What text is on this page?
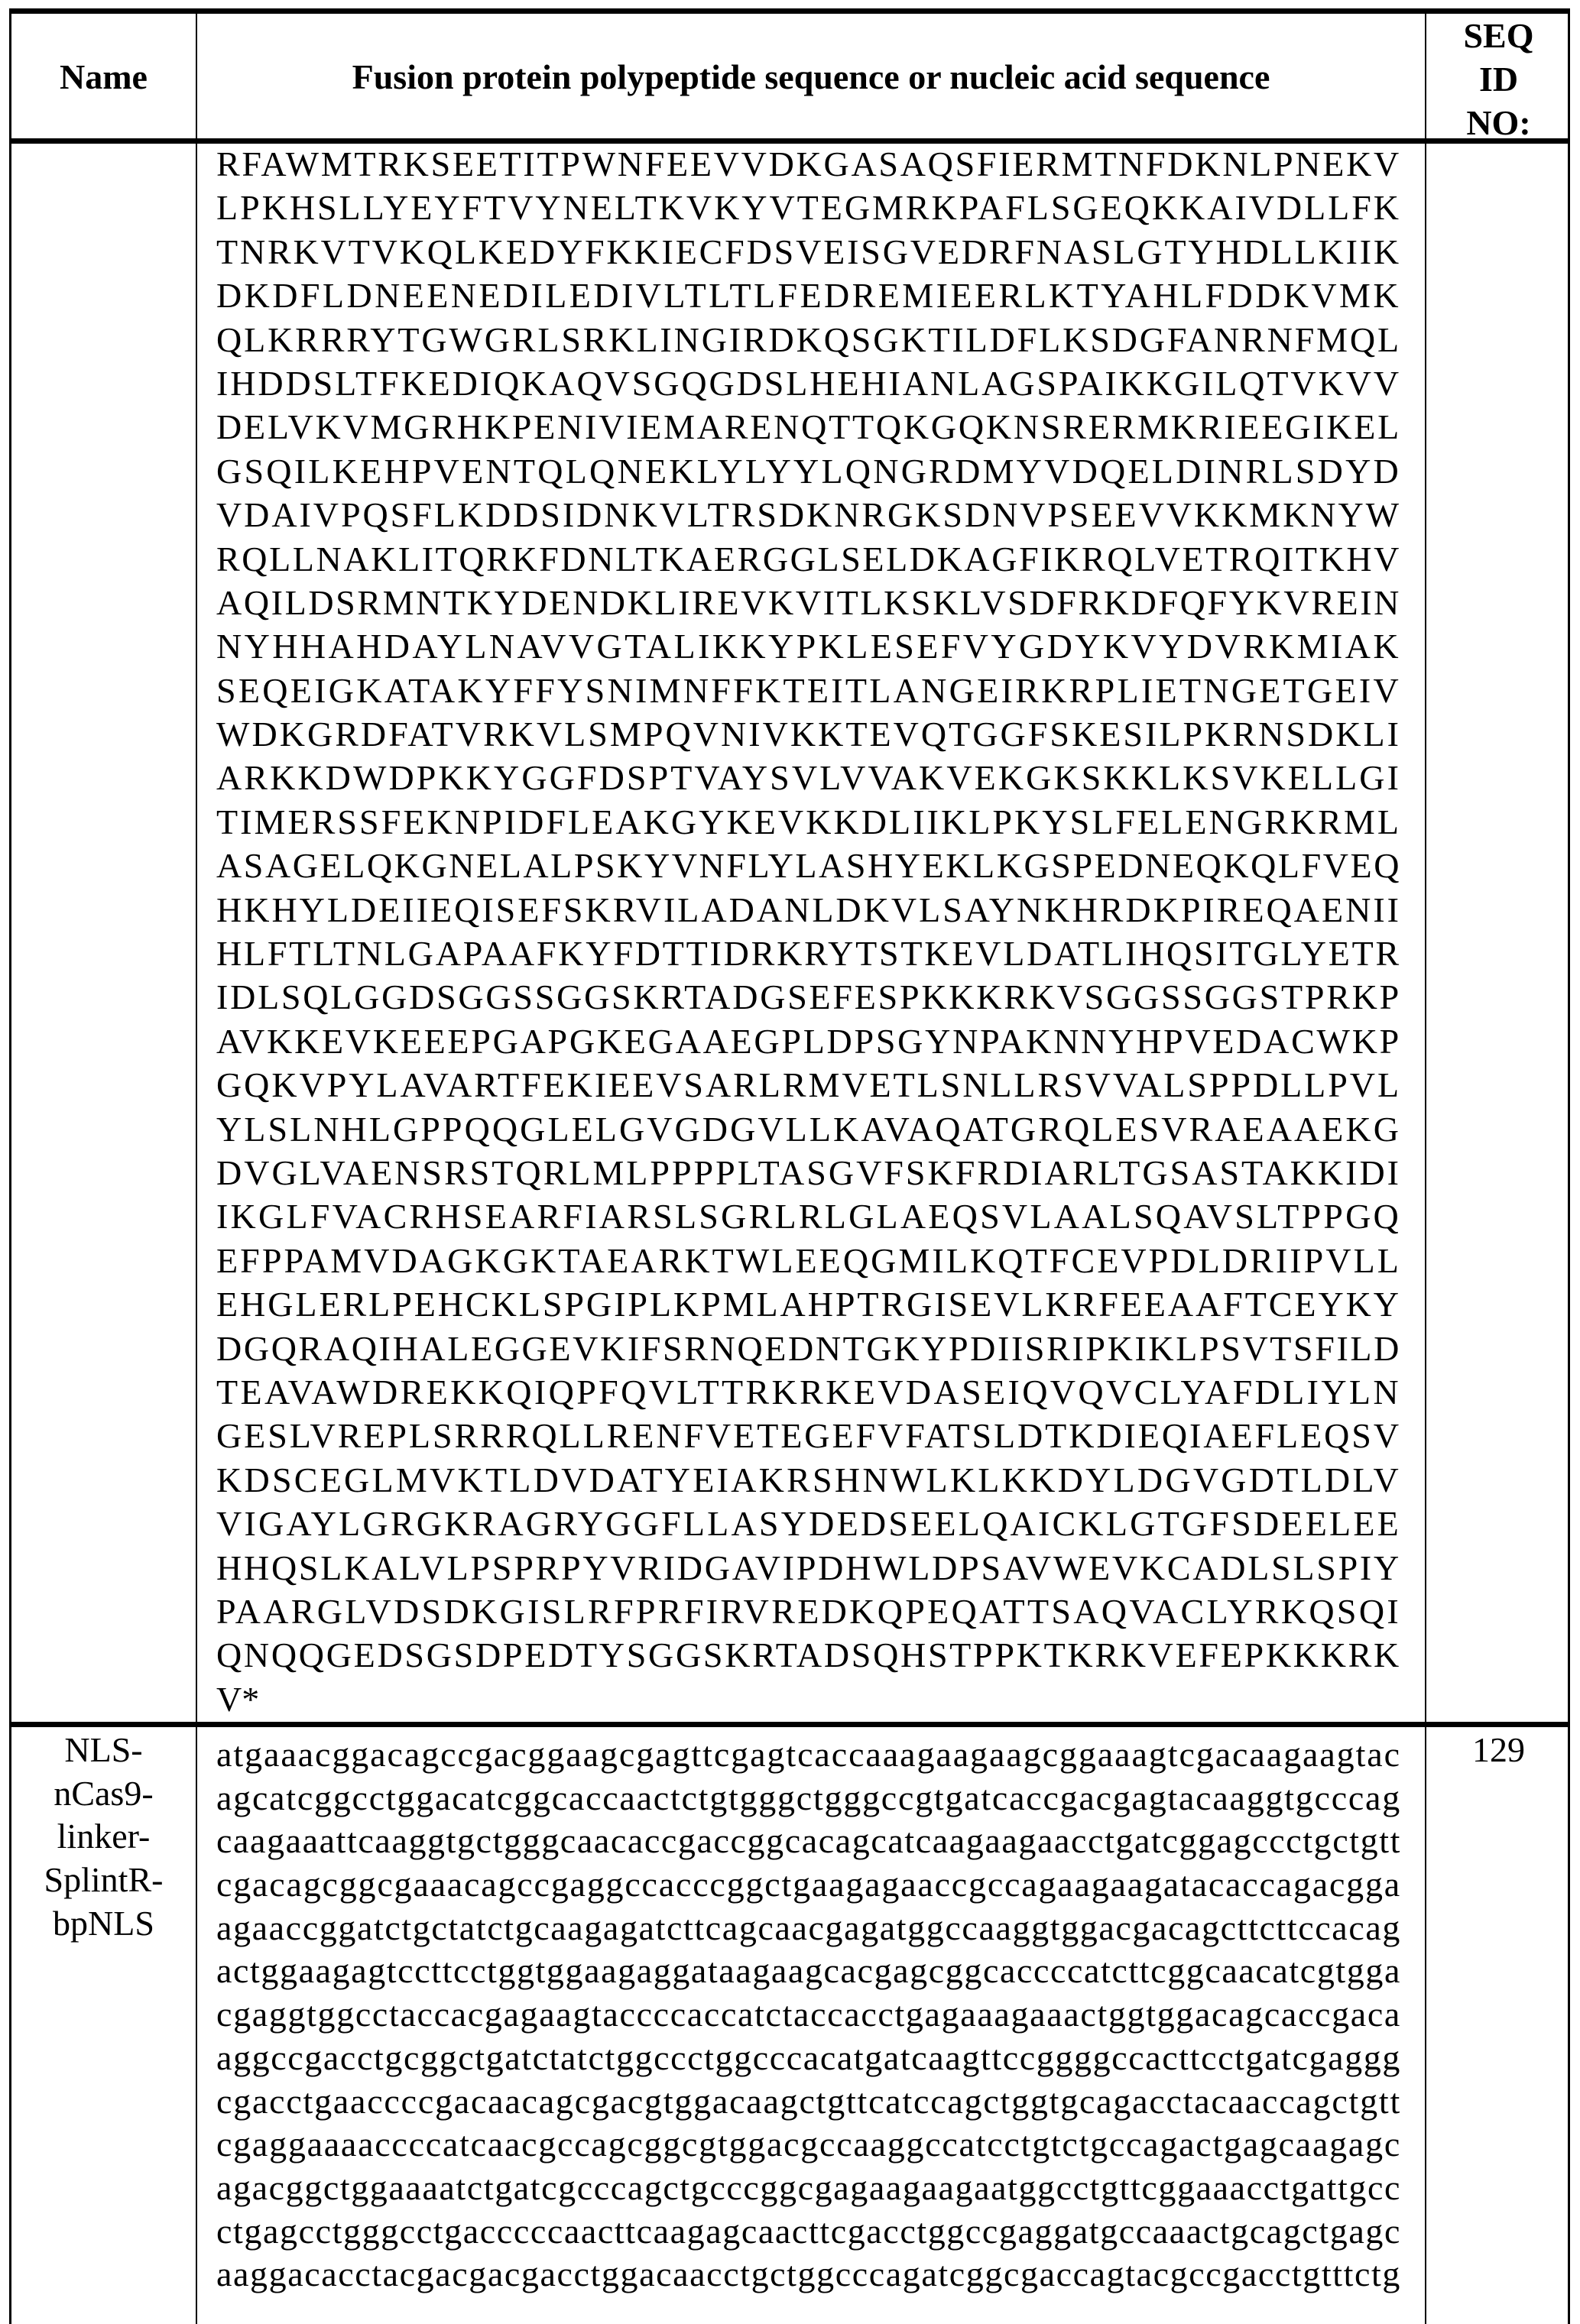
Name	Fusion protein polypeptide sequence or nucleic acid sequence
SEQ
ID
NO:
RFAWMTRKSEETITPWNFEEVVDKGASAQSFIERMTNFDKNLPNEKV
LPKHSLLYEYFTVYNELTKVKYVTEGMRKPAFLSGEQKKAIVDLLFK
TNRKVTVKQLKEDYFKKIECFDSVEISGVEDRFNASLGTYHDLLKIIK
DKDFLDNEENEDILEDIVLTLTLFEDREMIEERLKTYAHLFDDKVMK
QLKRRRYTGWGRLSRKLINGIRDKQSGKTILDFLKSDGFANRNFMQL
IHDDSLTFKEDIQKAQVSGQGDSLHEHIANLAGSPAIKKGILQTVKVV
DELVKVMGRHKPENIVIEMARENQTTQKGQKNSRERMKRIEEGIKEL
GSQILKEHPVENTQLQNEKLYLYYLQNGRDMYVDQELDINRLSDYD
VDAIVPQSFLKDDSIDNKVLTRSDKNRGKSDNVPSEEVVKKMKNYW
RQLLNAKLITQRKFDNLTKAERGGLSELDKAGFIKRQLVETRQITKHV
AQILDSRMNTKYDENDKLIREVKVITLKSKLVSDFRKDFQFYKVREIN
NYHHAHDAYLNAVVGTALIKKYPKLESEFVYGDYKVYDVRKMIAK
SEQEIGKATAKYFFYSNIMNFFKTEITLANGEIRKRPLIETNGETGEIV
WDKGRDFATVRKVLSMPQVNIVKKTEVQTGGFSKESILPKRNSDKLI
ARKKDWDPKKYGGFDSPTVAYSVLVVAKVEKGKSKKLKSVKELLGI
TIMERSSFEKNPIDFLEAKGYKEVKKDLIIKLPKYSLFELENGRKRML
ASAGELQKGNELALPSKYVNFLYLASHYEKLKGSPEDNEQKQLFVEQ
HKHYLDEIIEQISEFSKRVILADANLDKVLSAYNKHRDKPIREQAENII
HLFTLTNLGAPAAFKYFDTTIDRKRYTSTKEVLDATLIHQSITGLYETR
IDLSQLGGDSGGSSGGSKRTADGSEFESPKKKRKVSGGSSGGSTPRKP
AVKKEVKEEEPGAPGKEGAAEGPLDPSGYNPAKNNYHPVEDACWKP
GQKVPYLAVARTFEKIEEVSARLRMVETLSNLLRSVVALSPPDLLPVL
YLSLNHLGPPQQGLELGVGDGVLLKAVAQATGRQLESVRAEAAEKG
DVGLVAENSRSTQRLMLPPPPLTASGVFSKFRDIARLTGSASTAKKIDI
IKGLFVACRHSEARFIARSLSGRLRLGLAEQSVLAALSQAVSLTPPGQ
EFPPAMVDAGKGKTAEARKTWLEEQGMILKQTFCEVPDLDRIIPVLL
EHGLERLPEHCKLSPGIPLKPMLAHPTRGISEVLKRFEEAAFTCEYKY
DGQRAQIHALEGGEVKIFSRNQEDNTGKYPDIISRIPKIKLPSVTSFILD
TEAVAWDREKKQIQPFQVLTTRKRKEVDASEIQVQVCLYAFDLIYLN
GESLVREPLSRRRQLLRENFVETEGEFVFATSLDTKDIEQIAEFLEQSV
KDSCEGLMVKTLDVDATYEIAKRSHNWLKLKKDYLDGVGDTLDLV
VIGAYLGRGKRAGRYGGFLLASYDEDSEELQAICKLGTGFSDEELEE
HHQSLKALVLPSPRPYVRIDGAVIPDHWLDPSAVWEVKCADLSLSPIY
PAARGLVDSDKGISLRFPRFIRVREDKQPEQATTSAQVACLYRKQSQI
QNQQGEDSGSDPEDTYSGGSKRTADSQHSTPPKTKRKVEFEPKKKRK
V*
NLS-
nCas9-
linker-
SplintR-
bpNLS
atgaaacggacagccgacggaagcgagttcgagtcaccaaagaagaagcggaaagtcgacaagaagtac
agcatcggcctggacatcggcaccaactctgtgggctgggccgtgatcaccgacgagtacaaggtgcccag
caagaaattcaaggtgctgggcaacaccgaccggcacagcatcaagaagaacctgatcggagccctgctgtt
cgacagcggcgaaacagccgaggccacccggctgaagagaaccgccagaagaagatacaccagacgga
agaaccggatctgctatctgcaagagatcttcagcaacgagatggccaaggtggacgacagcttcttccacag
actggaagagtccttcctggtggaagaggataagaagcacgagcggcaccccatcttcggcaacatcgtgga
cgaggtggcctaccacgagaagtaccccaccatctaccacctgagaaagaaactggtggacagcaccgaca
aggccgacctgcggctgatctatctggccctggcccacatgatcaagttccggggccacttcctgatcgaggg
cgacctgaaccccgacaacagcgacgtggacaagctgttcatccagctggtgcagacctacaaccagctgtt
cgaggaaaaccccatcaacgccagcggcgtggacgccaaggccatcctgtctgccagactgagcaagagc
agacggctggaaaatctgatcgcccagctgcccggcgagaagaagaatggcctgttcggaaacctgattgcc
ctgagcctgggcctgacccccaacttcaagagcaacttcgacctggccgaggatgccaaactgcagctgagc
aaggacacctacgacgacgacctggacaacctgctggcccagatcggcgaccagtacgccgacctgtttctg
129
